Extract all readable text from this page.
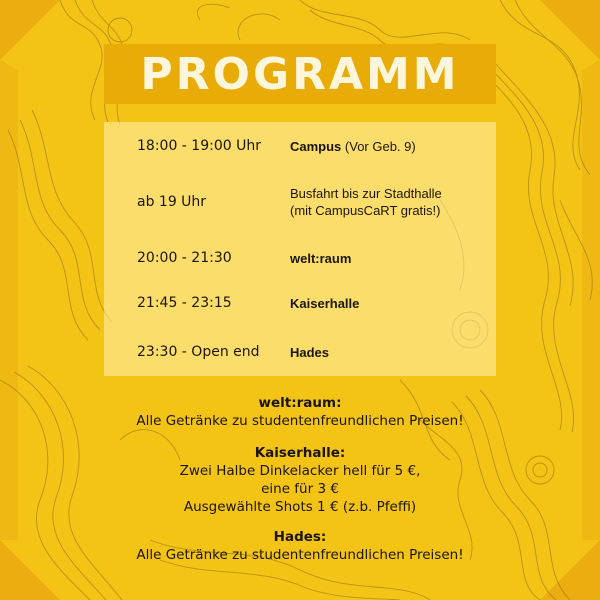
PROGRAMM
18:00 - 19:00 Uhr Campus (Vor Geb. 9)
ab 19 Uhr
Busfahrt bis zur Stadthalle
(mit CampusCaRT gratis!)
20:00 - 21:30	welt:raum
21:45 - 23:15	Kaiserhalle
23:30 - Open end Hades
welt:raum:
Alle Getränke zu studentenfreundlichen Preisen!
Kaiserhalle:
Zwei Halbe Dinkelacker hell für 5 €,
eine für 3 €
Ausgewählte Shots 1 € (z.b. Pfeffi)
Hades:
Alle Getränke zu studentenfreundlichen Preisen!
